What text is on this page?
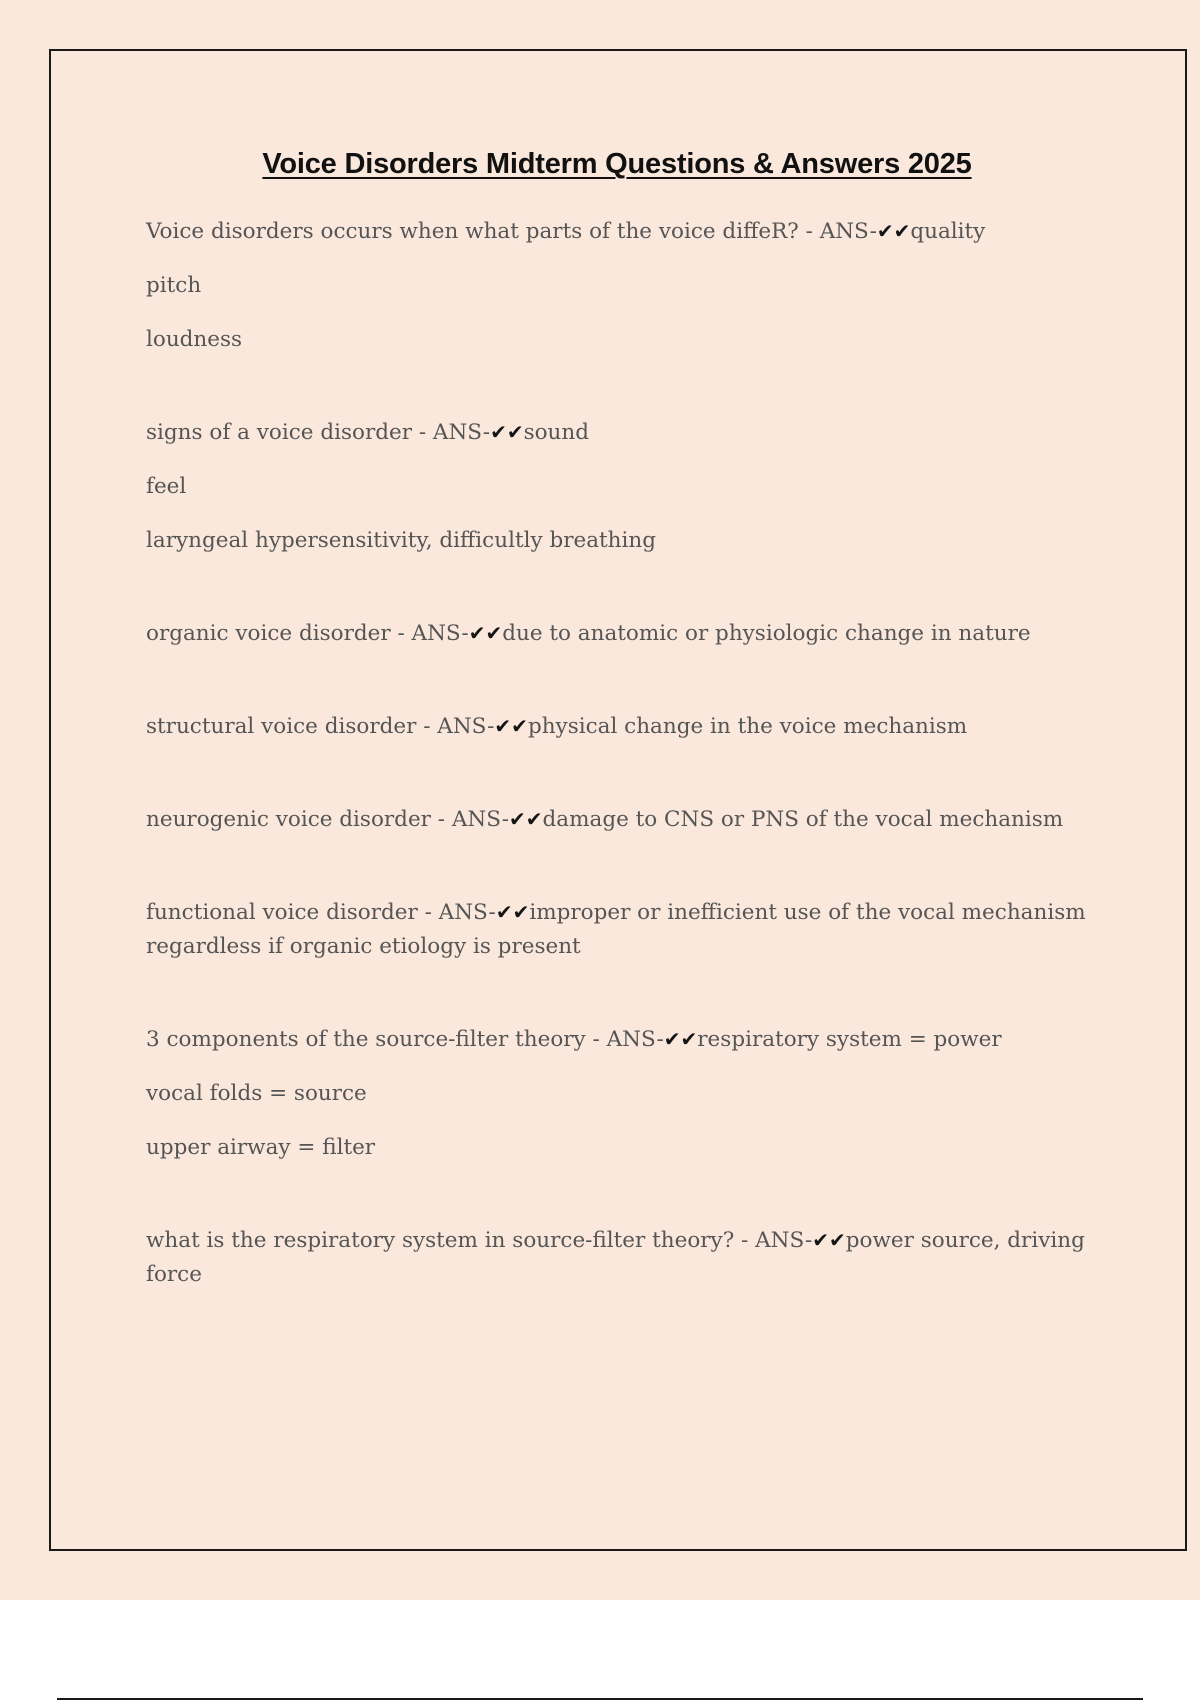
Voice Disorders Midterm Questions & Answers 2025
Voice disorders occurs when what parts of the voice diffeR? - ANS-✔✔quality
pitch
loudness
signs of a voice disorder - ANS-✔✔sound
feel
laryngeal hypersensitivity, difficultly breathing
organic voice disorder - ANS-✔✔due to anatomic or physiologic change in nature
structural voice disorder - ANS-✔✔physical change in the voice mechanism
neurogenic voice disorder - ANS-✔✔damage to CNS or PNS of the vocal mechanism
functional voice disorder - ANS-✔✔improper or inefficient use of the vocal mechanism regardless if organic etiology is present
3 components of the source-filter theory - ANS-✔✔respiratory system = power
vocal folds = source
upper airway = filter
what is the respiratory system in source-filter theory? - ANS-✔✔power source, driving force
